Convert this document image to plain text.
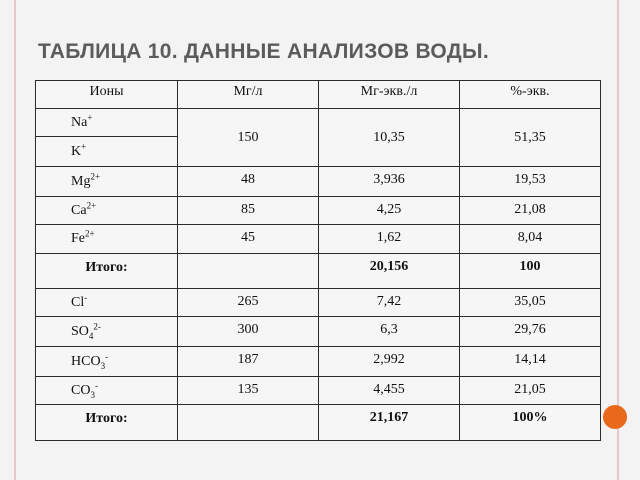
ТАБЛИЦА 10. ДАННЫЕ АНАЛИЗОВ ВОДЫ.
Ионы	Мг/л	Мг-экв./л	%-экв.
Na+	150	10,35	51,35
K+
$Mg^{2+}$	48	3,936	19,53
$Ca^{2+}$	85	4,25	21,08
$Fe^{2+}$	45	1,62	8,04
Итого:		20,156	100
Cl-	265	7,42	35,05
$SO_4^{2-}$	300	6,3	29,76
$HCO_3^-$	187	2,992	14,14
$CO_3^-$	135	4,455	21,05
Итого:		21,167	100%
